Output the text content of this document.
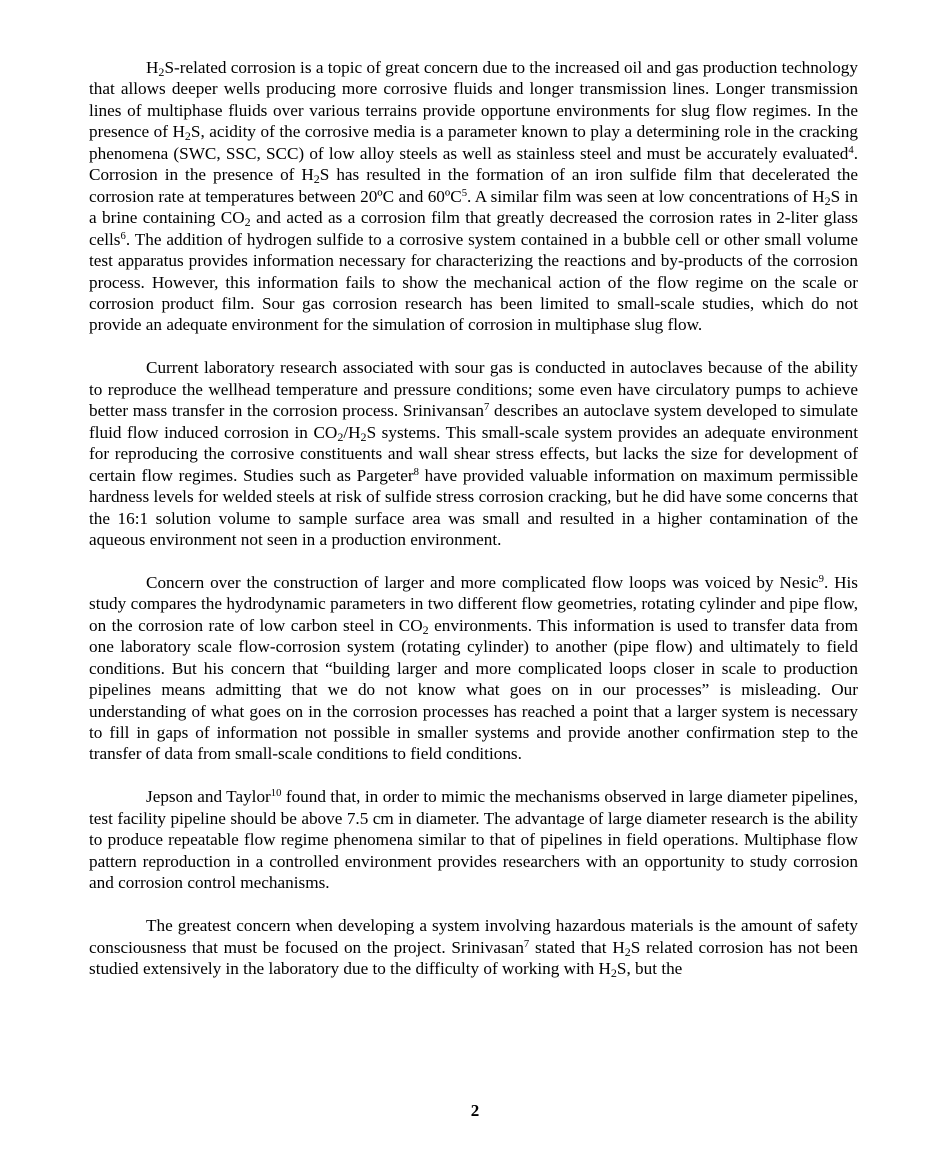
$H_2S$-related corrosion is a topic of great concern due to the increased oil and gas production technology that allows deeper wells producing more corrosive fluids and longer transmission lines. Longer transmission lines of multiphase fluids over various terrains provide opportune environments for slug flow regimes. In the presence of $H_2S$, acidity of the corrosive media is a parameter known to play a determining role in the cracking phenomena (SWC, SSC, SCC) of low alloy steels as well as stainless steel and must be accurately evaluated$^4$. Corrosion in the presence of $H_2S$ has resulted in the formation of an iron sulfide film that decelerated the corrosion rate at temperatures between 20ºC and 60ºC$^5$. A similar film was seen at low concentrations of $H_2S$ in a brine containing $CO_2$ and acted as a corrosion film that greatly decreased the corrosion rates in 2-liter glass cells$^6$. The addition of hydrogen sulfide to a corrosive system contained in a bubble cell or other small volume test apparatus provides information necessary for characterizing the reactions and by-products of the corrosion process. However, this information fails to show the mechanical action of the flow regime on the scale or corrosion product film. Sour gas corrosion research has been limited to small-scale studies, which do not provide an adequate environment for the simulation of corrosion in multiphase slug flow.

Current laboratory research associated with sour gas is conducted in autoclaves because of the ability to reproduce the wellhead temperature and pressure conditions; some even have circulatory pumps to achieve better mass transfer in the corrosion process. Srinivansan$^7$ describes an autoclave system developed to simulate fluid flow induced corrosion in $CO_2/H_2S$ systems. This small-scale system provides an adequate environment for reproducing the corrosive constituents and wall shear stress effects, but lacks the size for development of certain flow regimes. Studies such as Pargeter$^8$ have provided valuable information on maximum permissible hardness levels for welded steels at risk of sulfide stress corrosion cracking, but he did have some concerns that the 16:1 solution volume to sample surface area was small and resulted in a higher contamination of the aqueous environment not seen in a production environment.

Concern over the construction of larger and more complicated flow loops was voiced by Nesic$^9$. His study compares the hydrodynamic parameters in two different flow geometries, rotating cylinder and pipe flow, on the corrosion rate of low carbon steel in $CO_2$ environments. This information is used to transfer data from one laboratory scale flow-corrosion system (rotating cylinder) to another (pipe flow) and ultimately to field conditions. But his concern that “building larger and more complicated loops closer in scale to production pipelines means admitting that we do not know what goes on in our processes” is misleading. Our understanding of what goes on in the corrosion processes has reached a point that a larger system is necessary to fill in gaps of information not possible in smaller systems and provide another confirmation step to the transfer of data from small-scale conditions to field conditions.

Jepson and Taylor$^{10}$ found that, in order to mimic the mechanisms observed in large diameter pipelines, test facility pipeline should be above 7.5 cm in diameter. The advantage of large diameter research is the ability to produce repeatable flow regime phenomena similar to that of pipelines in field operations. Multiphase flow pattern reproduction in a controlled environment provides researchers with an opportunity to study corrosion and corrosion control mechanisms.

The greatest concern when developing a system involving hazardous materials is the amount of safety consciousness that must be focused on the project. Srinivasan$^7$ stated that $H_2S$ related corrosion has not been studied extensively in the laboratory due to the difficulty of working with $H_2S$, but the

2
